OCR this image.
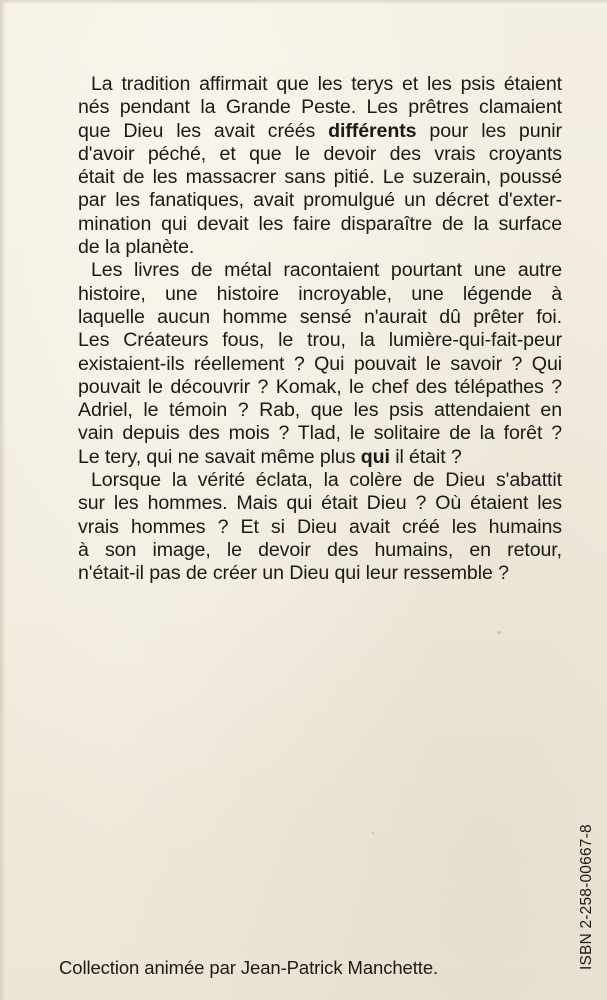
La tradition affirmait que les terys et les psis étaient
nés pendant la Grande Peste. Les prêtres clamaient
que Dieu les avait créés différents pour les punir
d'avoir péché, et que le devoir des vrais croyants
était de les massacrer sans pitié. Le suzerain, poussé
par les fanatiques, avait promulgué un décret d'exter-
mination qui devait les faire disparaître de la surface
de la planète.
Les livres de métal racontaient pourtant une autre
histoire, une histoire incroyable, une légende à
laquelle aucun homme sensé n'aurait dû prêter foi.
Les Créateurs fous, le trou, la lumière-qui-fait-peur
existaient-ils réellement ? Qui pouvait le savoir ? Qui
pouvait le découvrir ? Komak, le chef des télépathes ?
Adriel, le témoin ? Rab, que les psis attendaient en
vain depuis des mois ? Tlad, le solitaire de la forêt ?
Le tery, qui ne savait même plus qui il était ?
Lorsque la vérité éclata, la colère de Dieu s'abattit
sur les hommes. Mais qui était Dieu ? Où étaient les
vrais hommes ? Et si Dieu avait créé les humains
à son image, le devoir des humains, en retour,
n'était-il pas de créer un Dieu qui leur ressemble ?
ISBN 2-258-00667-8
Collection animée par Jean-Patrick Manchette.
